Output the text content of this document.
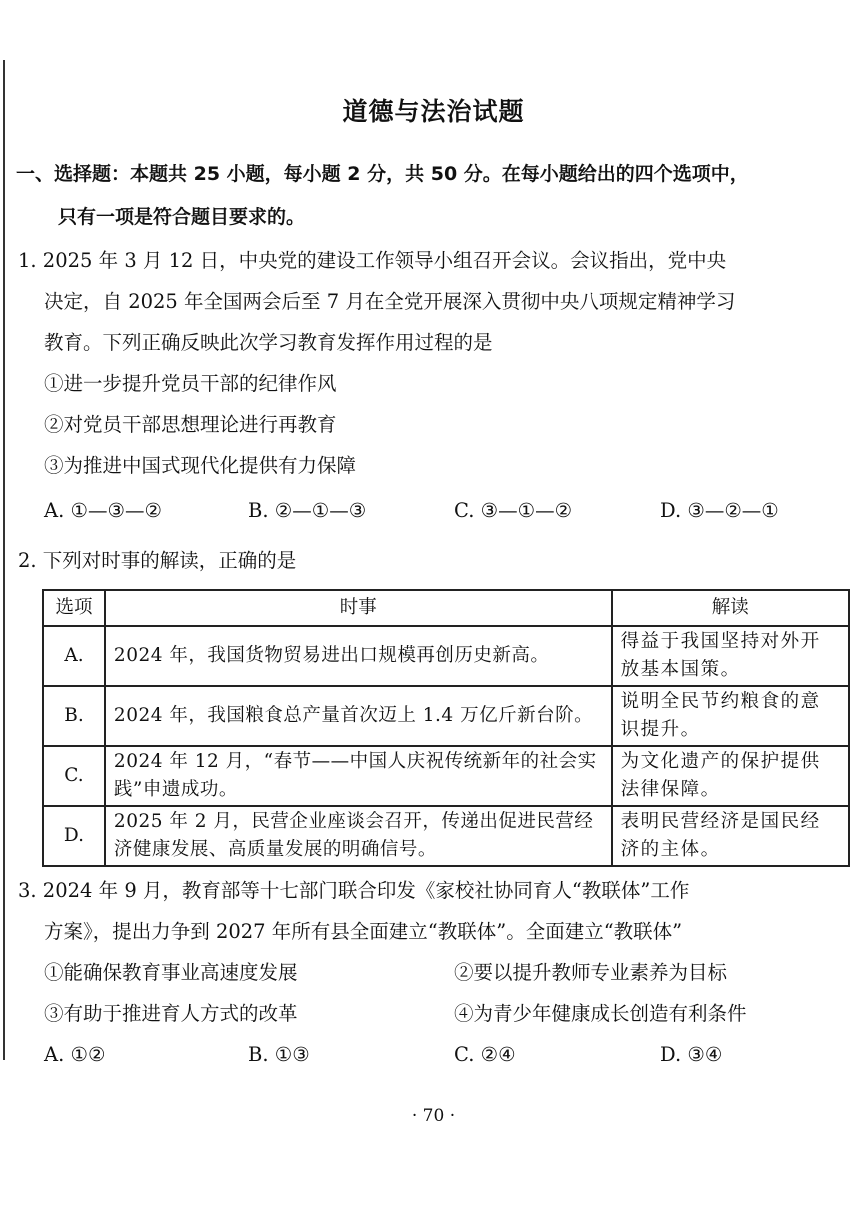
道德与法治试题
一、选择题：本题共 25 小题，每小题 2 分，共 50 分。在每小题给出的四个选项中，
只有一项是符合题目要求的。
1. 2025 年 3 月 12 日，中央党的建设工作领导小组召开会议。会议指出，党中央
决定，自 2025 年全国两会后至 7 月在全党开展深入贯彻中央八项规定精神学习
教育。下列正确反映此次学习教育发挥作用过程的是
①进一步提升党员干部的纪律作风
②对党员干部思想理论进行再教育
③为推进中国式现代化提供有力保障
A. ①—③—②	B. ②—①—③	C. ③—①—②	D. ③—②—①
2. 下列对时事的解读，正确的是
选项	时事	解读
A.	2024 年，我国货物贸易进出口规模再创历史新高。	得益于我国坚持对外开放基本国策。
B.	2024 年，我国粮食总产量首次迈上 1.4 万亿斤新台阶。	说明全民节约粮食的意识提升。
C.	2024 年 12 月，“春节——中国人庆祝传统新年的社会实践”申遗成功。	为文化遗产的保护提供法律保障。
D.	2025 年 2 月，民营企业座谈会召开，传递出促进民营经济健康发展、高质量发展的明确信号。	表明民营经济是国民经济的主体。
3. 2024 年 9 月，教育部等十七部门联合印发《家校社协同育人“教联体”工作
方案》，提出力争到 2027 年所有县全面建立“教联体”。全面建立“教联体”
①能确保教育事业高速度发展	②要以提升教师专业素养为目标
③有助于推进育人方式的改革	④为青少年健康成长创造有利条件
A. ①②	B. ①③	C. ②④	D. ③④
· 70 ·
